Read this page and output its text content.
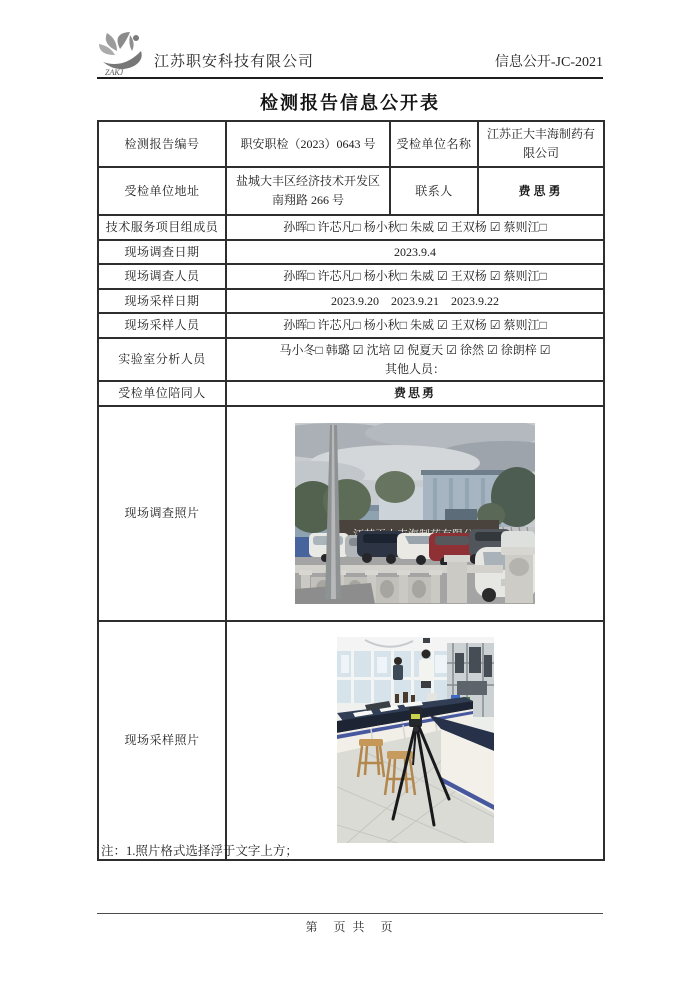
ZAKJ
江苏职安科技有限公司	信息公开-JC-2021
检测报告信息公开表
检测报告编号	职安职检（2023）0643 号	受检单位名称	江苏正大丰海制药有限公司
受检单位地址	盐城大丰区经济技术开发区南翔路 266 号	联系人	费思勇
技术服务项目组成员	孙晖□ 许芯凡□ 杨小秋□ 朱威 ☑ 王双杨 ☑ 蔡则江□		
现场调查日期	2023.9.4		
现场调查人员	孙晖□ 许芯凡□ 杨小秋□ 朱威 ☑ 王双杨 ☑ 蔡则江□		
现场采样日期	2023.9.20    2023.9.21    2023.9.22		
现场采样人员	孙晖□ 许芯凡□ 杨小秋□ 朱威 ☑ 王双杨 ☑ 蔡则江□		
实验室分析人员	马小冬□ 韩璐 ☑ 沈培 ☑ 倪夏天 ☑ 徐然 ☑ 徐朗梓 ☑
其他人员：		

受检单位陪同人	费思勇		
现场调查照片	

现场采样照片	
注：1.照片格式选择浮于文字上方；
第　页 共　页
